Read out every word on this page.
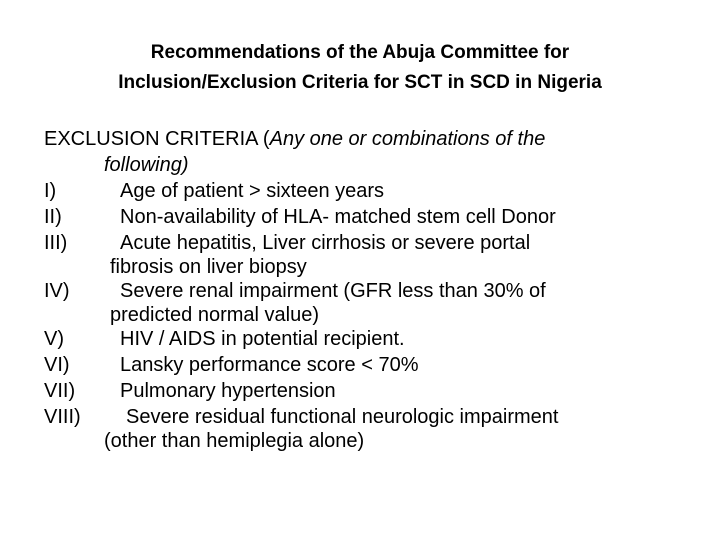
Recommendations of the Abuja Committee for
Inclusion/Exclusion Criteria for SCT in SCD in Nigeria
EXCLUSION CRITERIA (Any one or combinations of the
following)
I)	Age of patient > sixteen years
II)	Non-availability of HLA- matched stem cell Donor
III)	Acute hepatitis, Liver cirrhosis or severe portal
fibrosis on liver biopsy
IV)	Severe renal impairment (GFR less than 30% of
predicted normal value)
V)	HIV / AIDS in potential recipient.
VI)	Lansky performance score < 70%
VII)	Pulmonary hypertension
VIII)	Severe residual functional neurologic impairment
(other than hemiplegia alone)
